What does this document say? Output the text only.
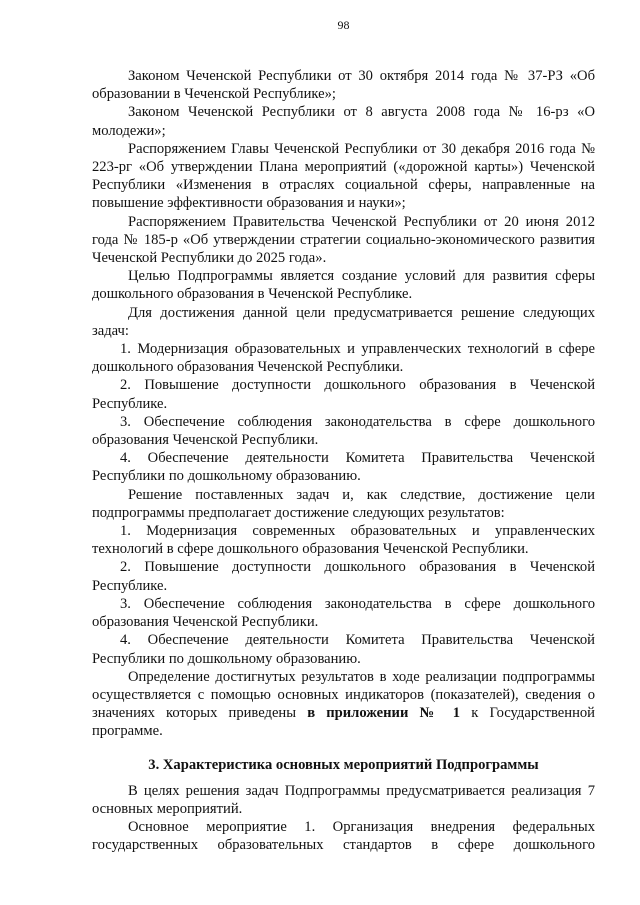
98

Законом Чеченской Республики от 30 октября 2014 года № 37-РЗ «Об образовании в Чеченской Республике»;

Законом Чеченской Республики от 8 августа 2008 года № 16-рз «О молодежи»;

Распоряжением Главы Чеченской Республики от 30 декабря 2016 года № 223-рг «Об утверждении Плана мероприятий («дорожной карты») Чеченской Республики «Изменения в отраслях социальной сферы, направленные на повышение эффективности образования и науки»;

Распоряжением Правительства Чеченской Республики от 20 июня 2012 года № 185-р «Об утверждении стратегии социально-экономического развития Чеченской Республики до 2025 года».

Целью Подпрограммы является создание условий для развития сферы дошкольного образования в Чеченской Республике.

Для достижения данной цели предусматривается решение следующих задач:

1. Модернизация образовательных и управленческих технологий в сфере дошкольного образования Чеченской Республики.

2. Повышение доступности дошкольного образования в Чеченской Республике.

3. Обеспечение соблюдения законодательства в сфере дошкольного образования Чеченской Республики.

4. Обеспечение деятельности Комитета Правительства Чеченской Республики по дошкольному образованию.

Решение поставленных задач и, как следствие, достижение цели подпрограммы предполагает достижение следующих результатов:

1. Модернизация современных образовательных и управленческих технологий в сфере дошкольного образования Чеченской Республики.

2. Повышение доступности дошкольного образования в Чеченской Республике.

3. Обеспечение соблюдения законодательства в сфере дошкольного образования Чеченской Республики.

4. Обеспечение деятельности Комитета Правительства Чеченской Республики по дошкольному образованию.

Определение достигнутых результатов в ходе реализации подпрограммы осуществляется с помощью основных индикаторов (показателей), сведения о значениях которых приведены в приложении № 1 к Государственной программе.

3. Характеристика основных мероприятий Подпрограммы

В целях решения задач Подпрограммы предусматривается реализация 7 основных мероприятий.

Основное мероприятие 1. Организация внедрения федеральных государственных образовательных стандартов в сфере дошкольного
